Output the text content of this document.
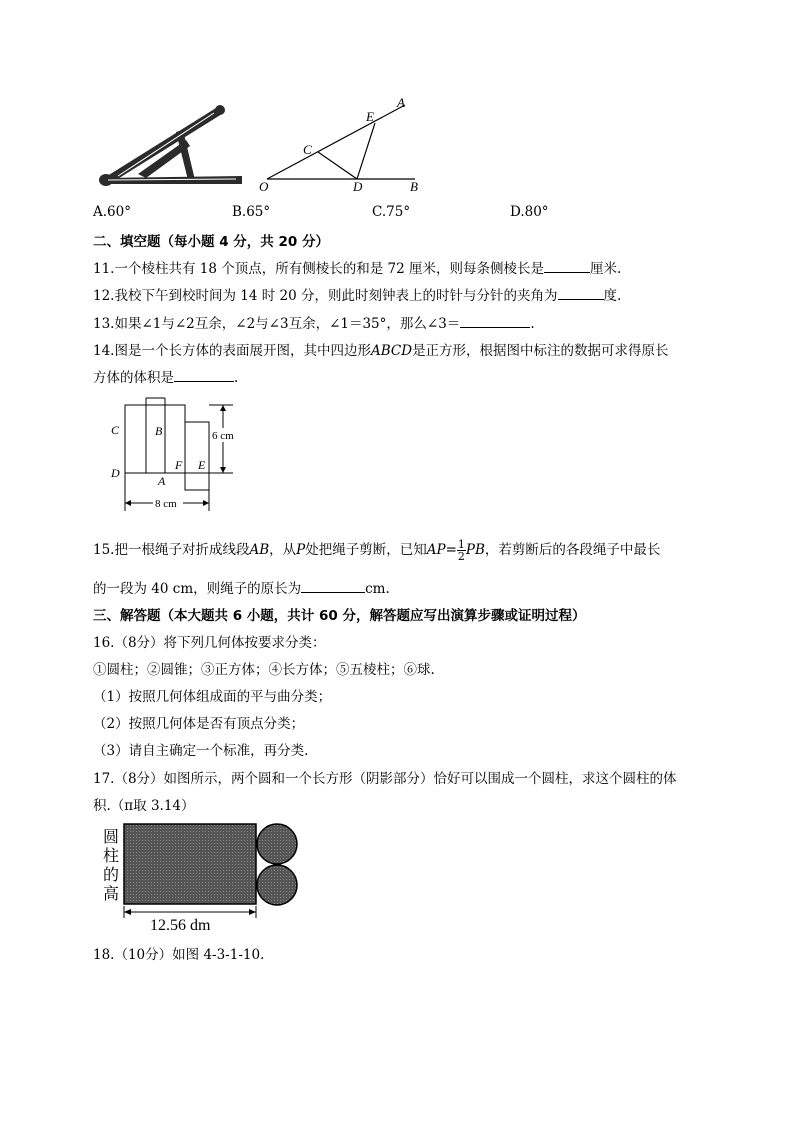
A
E
C
O	D	B
A.60°	B.65°	C.75°	D.80°
二、填空题（每小题 4 分，共 20 分）
11.一个棱柱共有 18 个顶点，所有侧棱长的和是 72 厘米，则每条侧棱长是	厘米.
12.我校下午到校时间为 14 时 20 分，则此时刻钟表上的时针与分针的夹角为	度.
13.如果∠1与∠2互余，∠2与∠3互余，∠1＝35°，那么∠3＝	.
14.图是一个长方体的表面展开图，其中四边形ABCD是正方形，根据图中标注的数据可求得原长
方体的体积是	.
C	B
D
A
F E
6 cm
8 cm
15.把一根绳子对折成线段AB，从P处把绳子剪断，已知$AP= \frac{1}{2}$ PB，若剪断后的各段绳子中最长
的一段为 40 cm，则绳子的原长为	cm.
三、解答题（本大题共 6 小题，共计 60 分，解答题应写出演算步骤或证明过程）
16.（8分）将下列几何体按要求分类：
①圆柱；②圆锥；③正方体；④长方体；⑤五棱柱；⑥球.
（1）按照几何体组成面的平与曲分类；
（2）按照几何体是否有顶点分类；
（3）请自主确定一个标准，再分类.
17.（8分）如图所示，两个圆和一个长方形（阴影部分）恰好可以围成一个圆柱，求这个圆柱的体
积.（π取 3.14）
圆
柱
的
高
12.56 dm
18.（10分）如图 4-3-1-10.
